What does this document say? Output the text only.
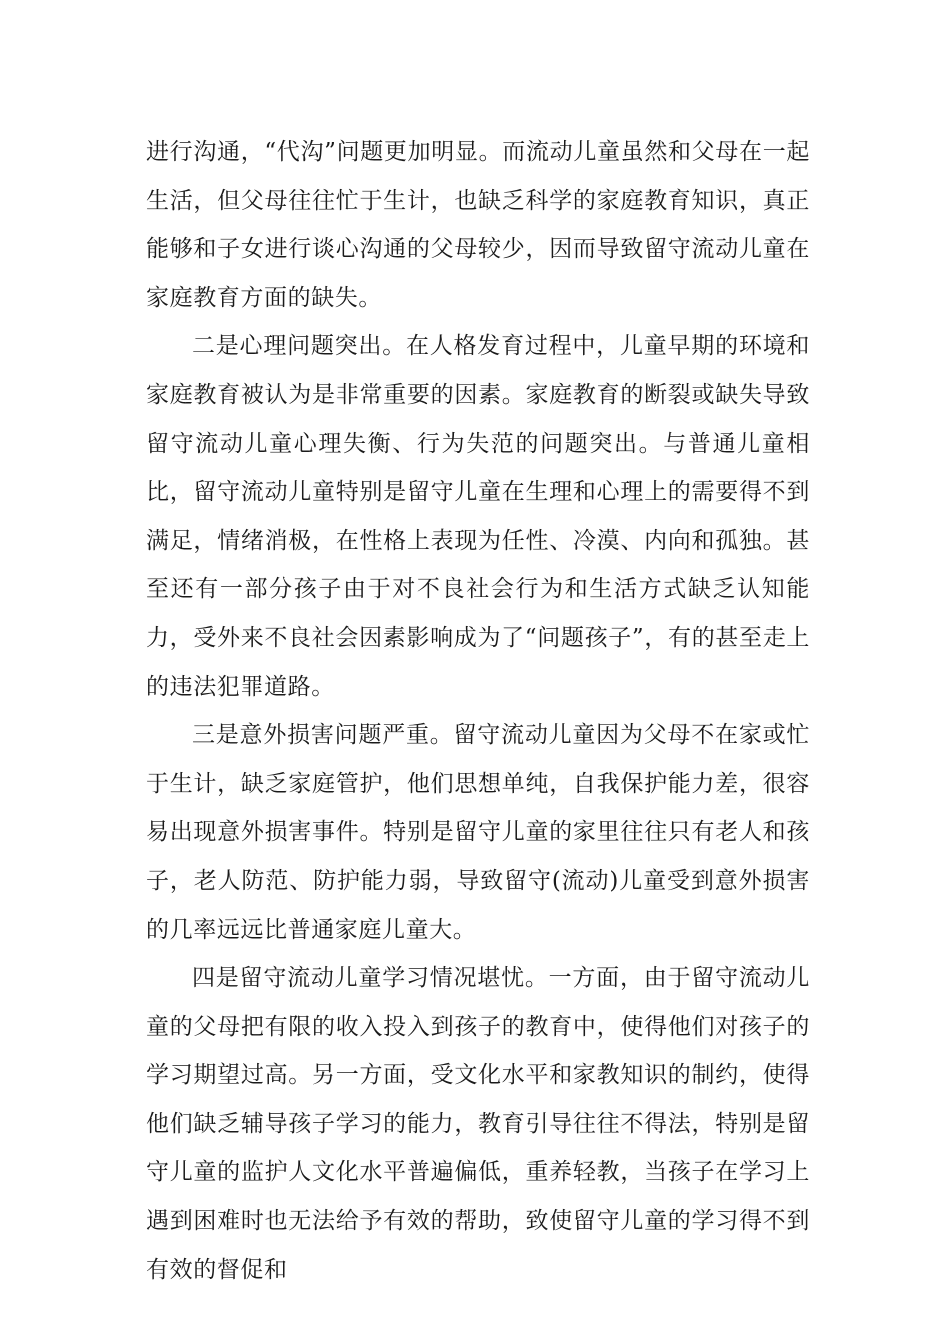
进行沟通，“代沟”问题更加明显。而流动儿童虽然和父母在一起生活，但父母往往忙于生计，也缺乏科学的家庭教育知识，真正能够和子女进行谈心沟通的父母较少，因而导致留守流动儿童在家庭教育方面的缺失。

二是心理问题突出。在人格发育过程中，儿童早期的环境和家庭教育被认为是非常重要的因素。家庭教育的断裂或缺失导致留守流动儿童心理失衡、行为失范的问题突出。与普通儿童相比，留守流动儿童特别是留守儿童在生理和心理上的需要得不到满足，情绪消极，在性格上表现为任性、冷漠、内向和孤独。甚至还有一部分孩子由于对不良社会行为和生活方式缺乏认知能力，受外来不良社会因素影响成为了“问题孩子”，有的甚至走上的违法犯罪道路。

三是意外损害问题严重。留守流动儿童因为父母不在家或忙于生计，缺乏家庭管护，他们思想单纯，自我保护能力差，很容易出现意外损害事件。特别是留守儿童的家里往往只有老人和孩子，老人防范、防护能力弱，导致留守(流动)儿童受到意外损害的几率远远比普通家庭儿童大。

四是留守流动儿童学习情况堪忧。一方面，由于留守流动儿童的父母把有限的收入投入到孩子的教育中，使得他们对孩子的学习期望过高。另一方面，受文化水平和家教知识的制约，使得他们缺乏辅导孩子学习的能力，教育引导往往不得法，特别是留守儿童的监护人文化水平普遍偏低，重养轻教，当孩子在学习上遇到困难时也无法给予有效的帮助，致使留守儿童的学习得不到有效的督促和
